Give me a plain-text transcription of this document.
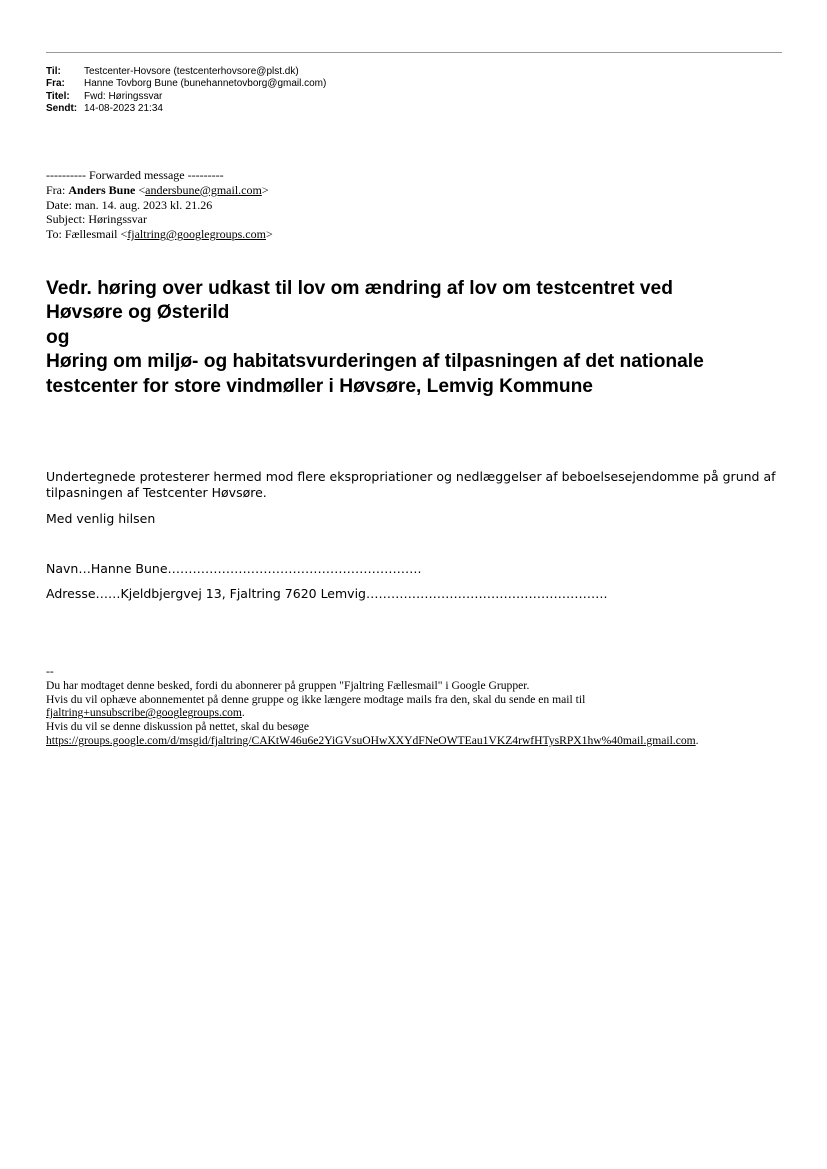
Til:	Testcenter-Hovsore (testcenterhovsore@plst.dk)
Fra:	Hanne Tovborg Bune (bunehannetovborg@gmail.com)
Titel:	Fwd: Høringssvar
Sendt: 14-08-2023 21:34
---------- Forwarded message ---------
Fra: Anders Bune <andersbune@gmail.com>
Date: man. 14. aug. 2023 kl. 21.26
Subject: Høringssvar
To: Fællesmail <fjaltring@googlegroups.com>
Vedr. høring over udkast til lov om ændring af lov om testcentret ved
Høvsøre og Østerild
og
Høring om miljø- og habitatsvurderingen af tilpasningen af det nationale
testcenter for store vindmøller i Høvsøre, Lemvig Kommune
Undertegnede protesterer hermed mod flere ekspropriationer og nedlæggelser af beboelsesejendomme på grund af tilpasningen af Testcenter Høvsøre.
Med venlig hilsen
Navn…Hanne Bune…………………………………………………….
Adresse……Kjeldbjergvej 13, Fjaltring 7620 Lemvig………………………………………………….
--
Du har modtaget denne besked, fordi du abonnerer på gruppen "Fjaltring Fællesmail" i Google Grupper.
Hvis du vil ophæve abonnementet på denne gruppe og ikke længere modtage mails fra den, skal du sende en mail til
fjaltring+unsubscribe@googlegroups.com.
Hvis du vil se denne diskussion på nettet, skal du besøge
https://groups.google.com/d/msgid/fjaltring/CAKtW46u6e2YiGVsuOHwXXYdFNeOWTEau1VKZ4rwfHTysRPX1hw%40mail.gmail.com.
